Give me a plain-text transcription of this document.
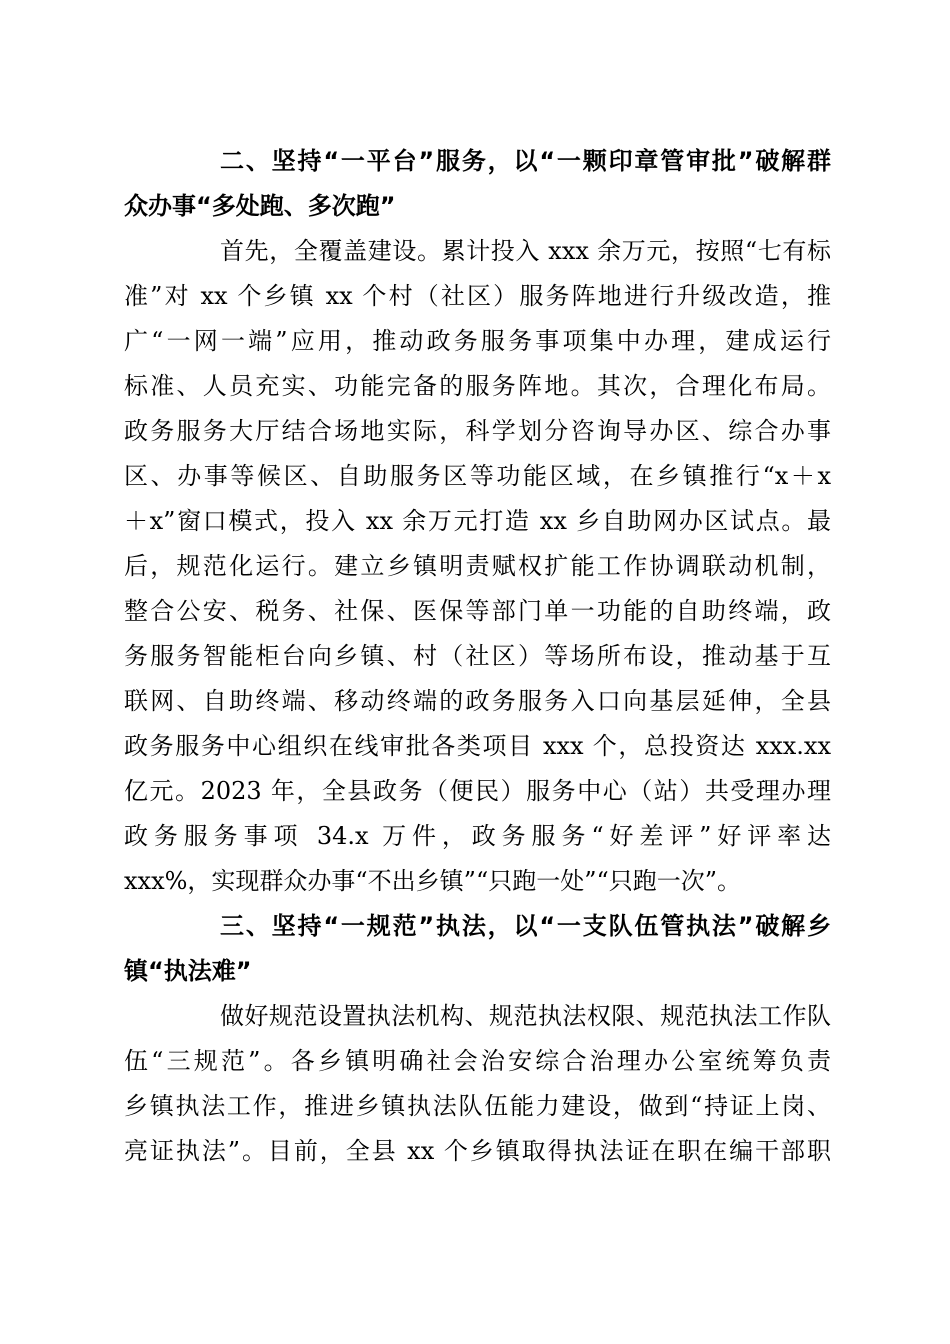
二、坚持“一平台”服务，以“一颗印章管审批”破解群
众办事“多处跑、多次跑”
首先，全覆盖建设。累计投入 xxx 余万元，按照“七有标
准”对 xx 个乡镇 xx 个村（社区）服务阵地进行升级改造，推
广“一网一端”应用，推动政务服务事项集中办理，建成运行
标准、人员充实、功能完备的服务阵地。其次，合理化布局。
政务服务大厅结合场地实际，科学划分咨询导办区、综合办事
区、办事等候区、自助服务区等功能区域，在乡镇推行“x＋x
＋x”窗口模式，投入 xx 余万元打造 xx 乡自助网办区试点。最
后，规范化运行。建立乡镇明责赋权扩能工作协调联动机制，
整合公安、税务、社保、医保等部门单一功能的自助终端，政
务服务智能柜台向乡镇、村（社区）等场所布设，推动基于互
联网、自助终端、移动终端的政务服务入口向基层延伸，全县
政务服务中心组织在线审批各类项目 xxx 个，总投资达 xxx.xx
亿元。2023 年，全县政务（便民）服务中心（站）共受理办理
政务服务事项 34.x 万件，政务服务“好差评”好评率达
xxx%，实现群众办事“不出乡镇”“只跑一处”“只跑一次”。
三、坚持“一规范”执法，以“一支队伍管执法”破解乡
镇“执法难”
做好规范设置执法机构、规范执法权限、规范执法工作队
伍“三规范”。各乡镇明确社会治安综合治理办公室统筹负责
乡镇执法工作，推进乡镇执法队伍能力建设，做到“持证上岗、
亮证执法”。目前，全县 xx 个乡镇取得执法证在职在编干部职
